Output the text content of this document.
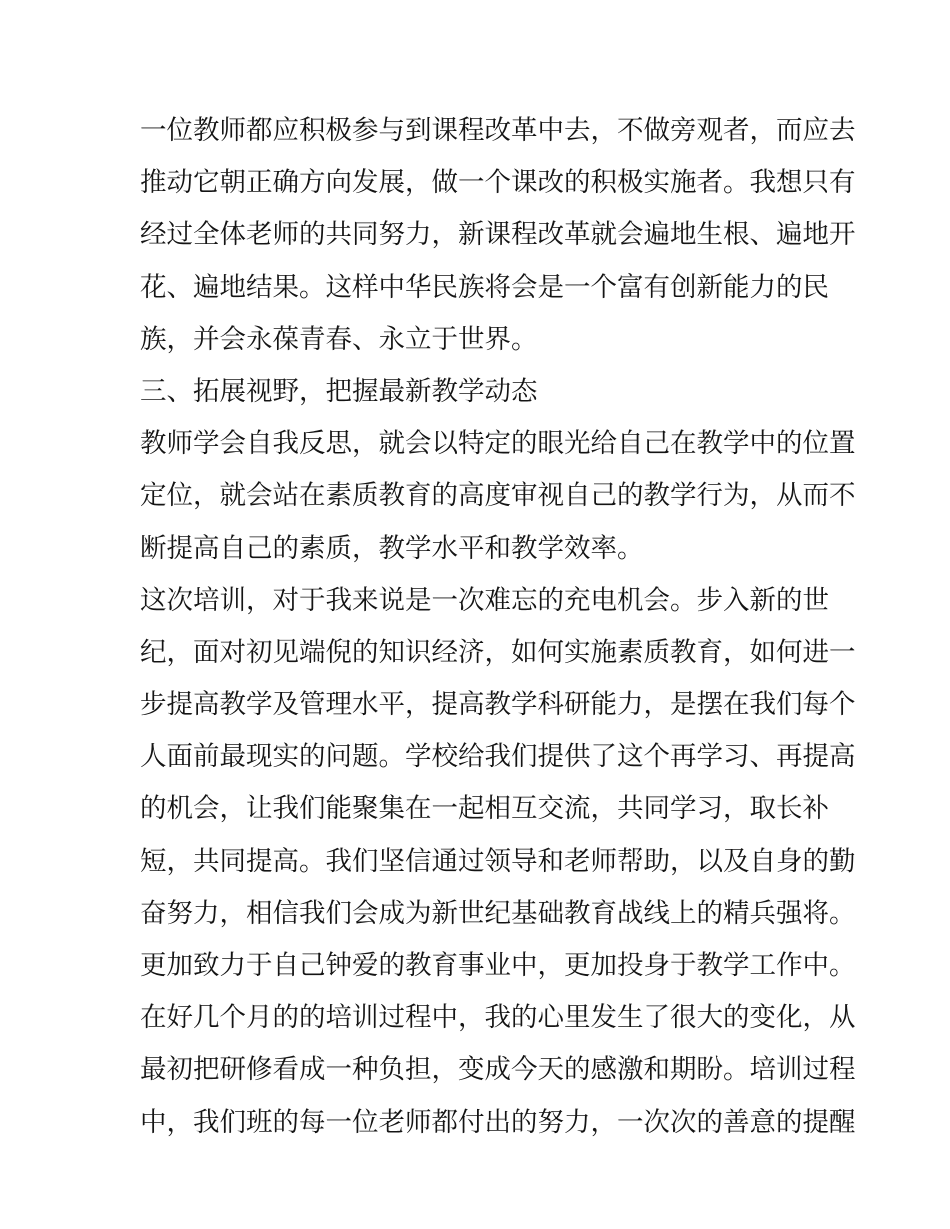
一位教师都应积极参与到课程改革中去，不做旁观者，而应去
推动它朝正确方向发展，做一个课改的积极实施者。我想只有
经过全体老师的共同努力，新课程改革就会遍地生根、遍地开
花、遍地结果。这样中华民族将会是一个富有创新能力的民
族，并会永葆青春、永立于世界。
三、拓展视野，把握最新教学动态
教师学会自我反思，就会以特定的眼光给自己在教学中的位置
定位，就会站在素质教育的高度审视自己的教学行为，从而不
断提高自己的素质，教学水平和教学效率。
这次培训，对于我来说是一次难忘的充电机会。步入新的世
纪，面对初见端倪的知识经济，如何实施素质教育，如何进一
步提高教学及管理水平，提高教学科研能力，是摆在我们每个
人面前最现实的问题。学校给我们提供了这个再学习、再提高
的机会，让我们能聚集在一起相互交流，共同学习，取长补
短，共同提高。我们坚信通过领导和老师帮助，以及自身的勤
奋努力，相信我们会成为新世纪基础教育战线上的精兵强将。
更加致力于自己钟爱的教育事业中，更加投身于教学工作中。
在好几个月的的培训过程中，我的心里发生了很大的变化，从
最初把研修看成一种负担，变成今天的感激和期盼。培训过程
中，我们班的每一位老师都付出的努力，一次次的善意的提醒
